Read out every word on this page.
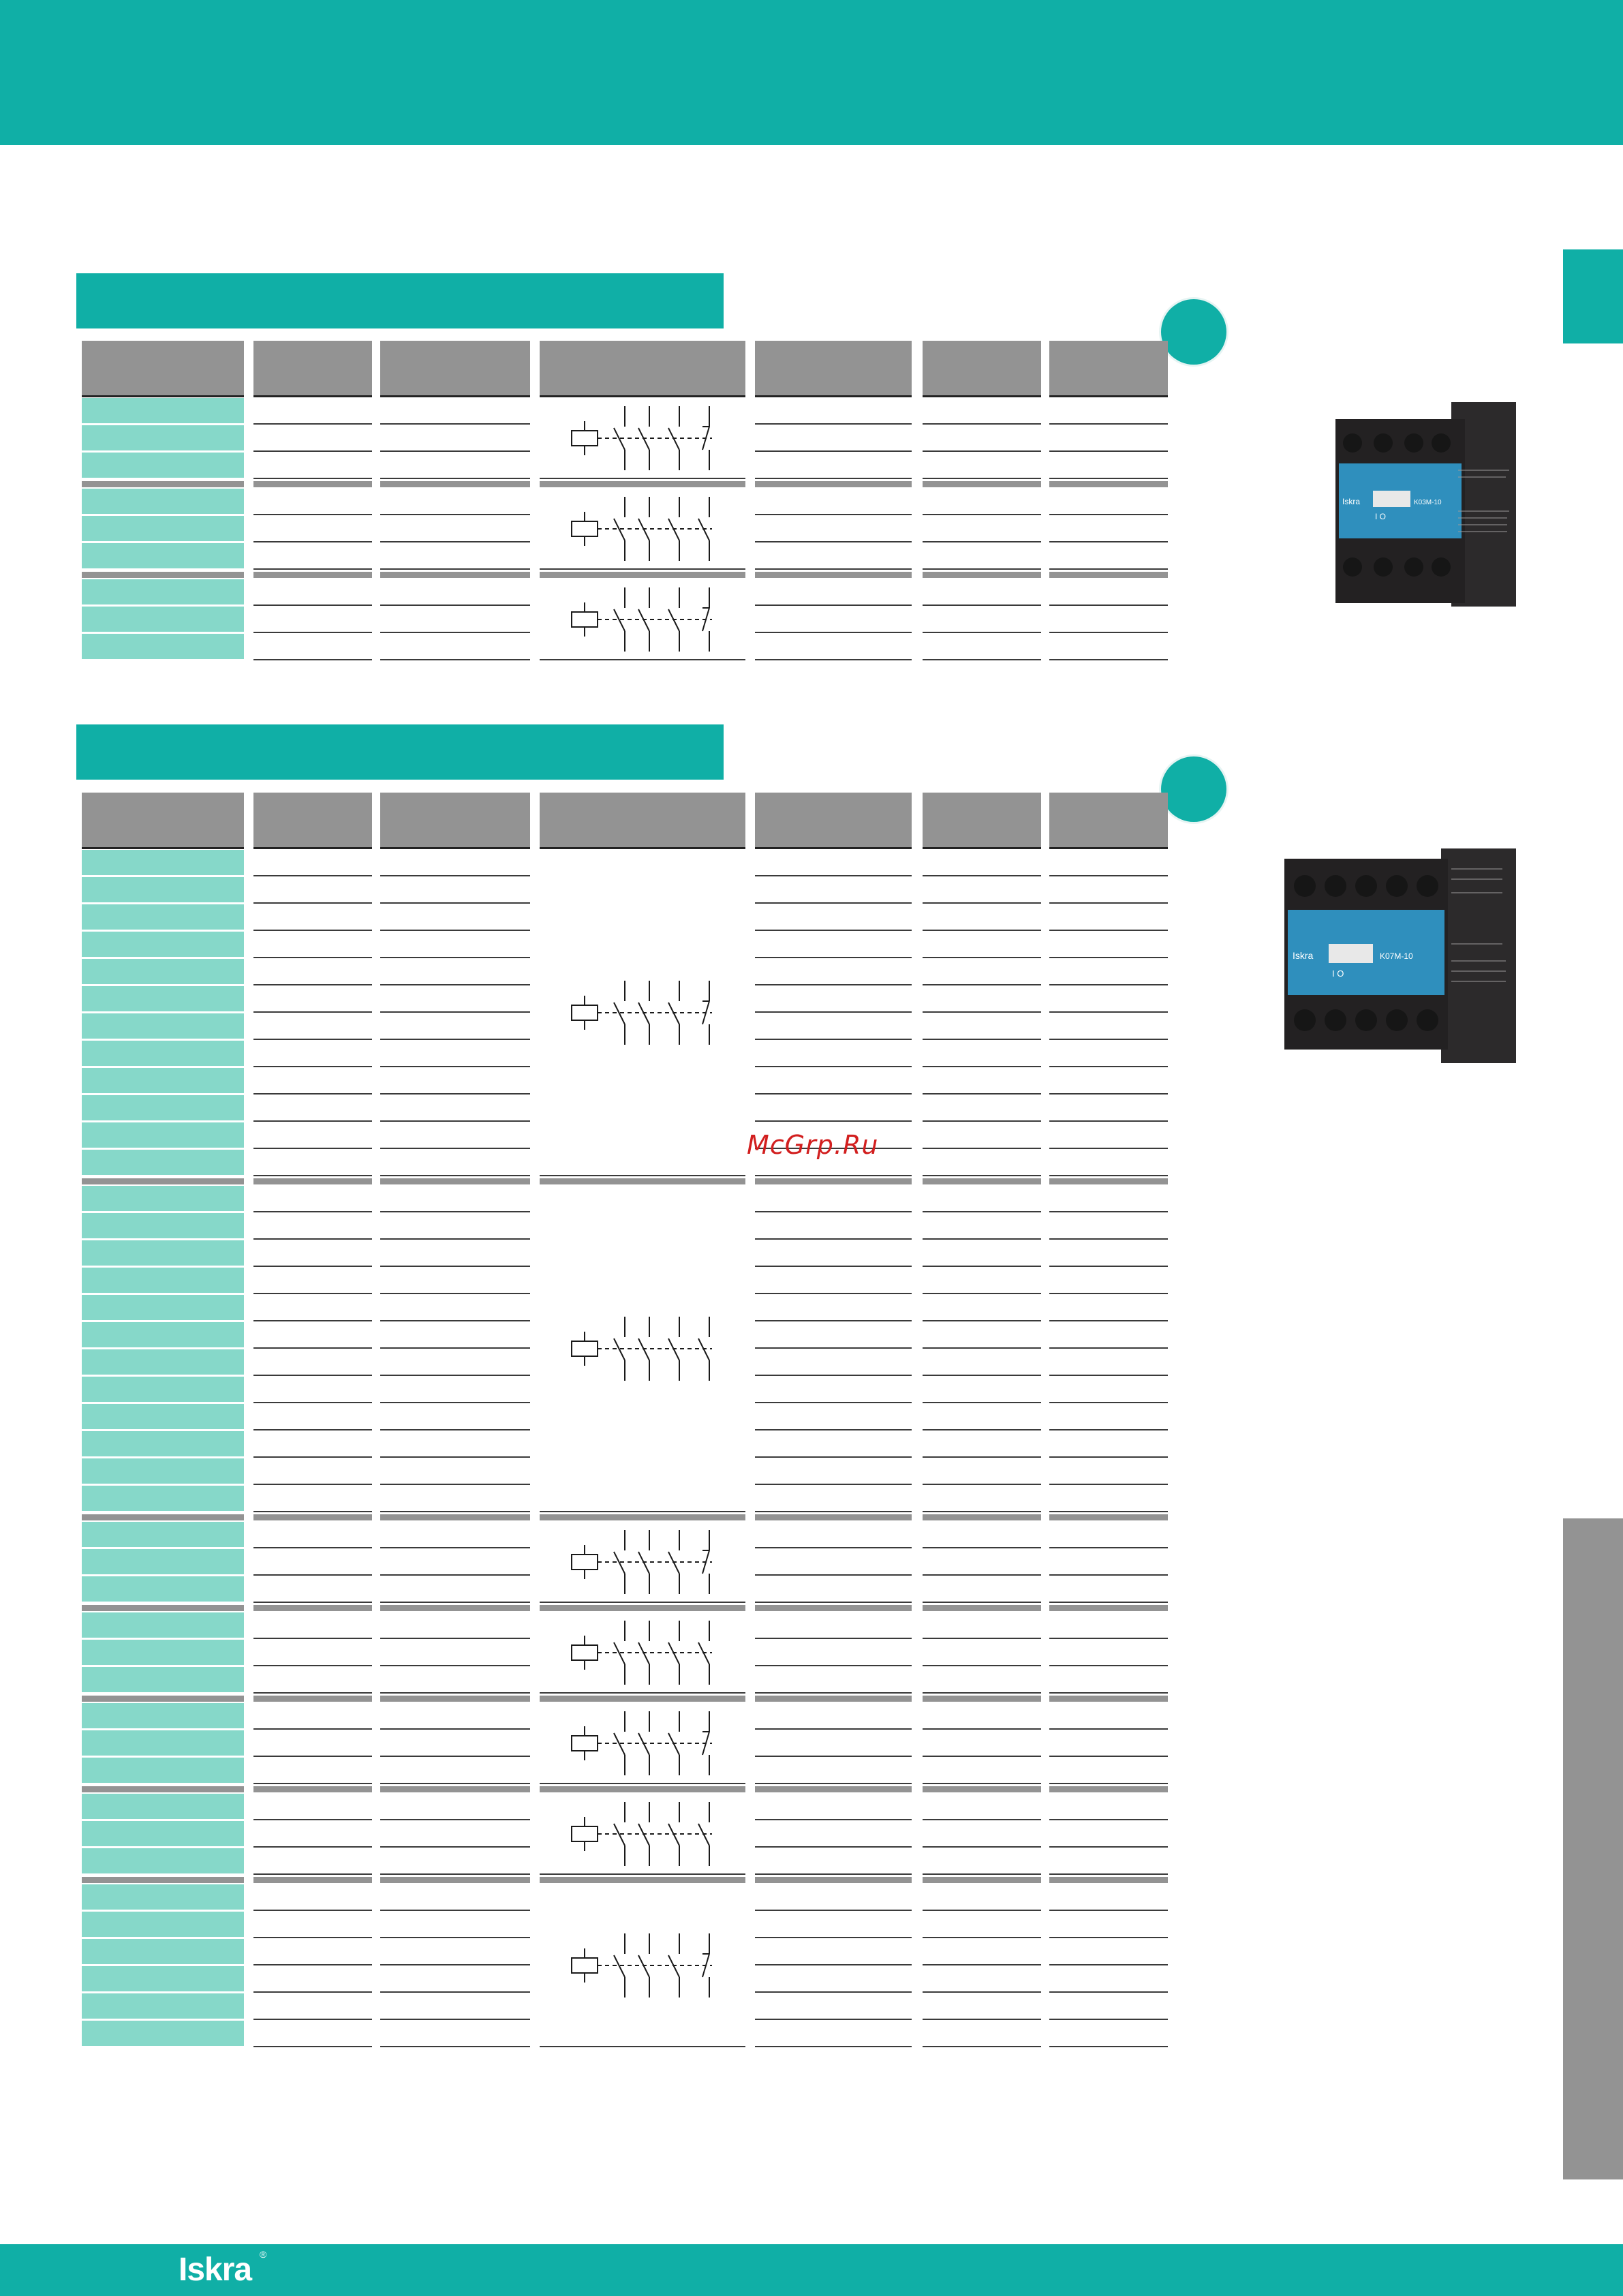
Iskra	K03M-10
I O
Iskra	K07M-10
I O
McGrp.Ru
Iskra ®
